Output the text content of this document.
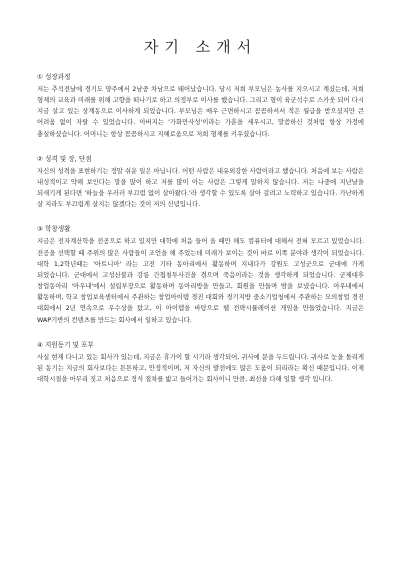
자기 소개서

① 성장과정

저는 추석전날에 경기도 양주에서 2남중 차남으로 태어났습니다. 당시 저희 부모님은 농사를 지으시고 계셨는데, 저희 형제의 교육과 미래를 위해 고향을 떠나기로 하고 의정부로 이사를 했습니다. 그리고 형이 육군석수로 스카웃 되어 다시 지금 살고 있는 상계동으로 이사하게 되었습니다. 부모님은 매우 근면하시고 꼼꼼하셔서 적은 월급을 받으셨지만 큰 어려움 없이 자랄 수 있었습니다. 아버지는 '가화만사성'이라는 가훈을 세우시고, 말씀하신 것처럼 항상 가정에 충실하셨습니다. 어머니는 항상 꼼꼼하시고 지혜로움으로 저희 형제를 키우셨습니다.

② 성격 및 장, 단점

자신의 성격을 표현하기는 정말 쉬운 일은 아닙니다. 어떤 사람은 내유외강한 사람이라고 했습니다. 처음에 보는 사람은 내성적이고 약해 보인다는 말을 많이 하고 저를 많이 아는 사람은 그렇게 말하지 않습니다. 저는 나중에 지난날을 되새기게 된다면 '하늘을 우러러 부끄럼 없이 살아왔다.'라 생각할 수 있도록 살아 갈려고 노력하고 있습니다. 가난하게 살 지라도 부끄럽게 살지는 않겠다는 것이 저의 신념입니다.

③ 학창생활

지금은 전자계산학을 전공으로 하고 있지만 대학에 처음 들어 올 때만 해도 컴퓨터에 대해서 전혀 모르고 있었습니다. 전공을 선택할 때 주위의 많은 사람들이 조언을 해 주었는데 미래가 보이는 것이 바로 이쪽 분야라 생각이 되었습니다. 대학 1,2학년때는 '아트니아' 라는 고전 기타 동아리에서 활동하며 지내다가 강원도 고성군으로 군대에 가게 되었습니다. 군대에서 고성산불과 강릉 간첩침투사건을 겪으며 죽음이라는 것을 생각하게 되었습니다. 군제대후 창업동아리 '아우내'에서 설립부장으로 활동하며 동아리방을 만들고, 회원을 만들며 밤을 보냈습니다. 아우내에서 활동하며, 학교 창업보육센터에서 주관하는 창업아이템 경진 대회와 경기지방 중소기업청에서 주관하는 모의창업 경진 대회에서 2년 연속으로 우수상을 탔고, 이 아이템을 바탕으로 웹 전략시뮬레이션 게임을 만들었습니다. 지금은 WAP기반의 컨텐츠를 만드는 회사에서 일하고 있습니다.

④ 지원동기 및 포부

사실 현재 다니고 있는 회사가 있는데, 지금은 휴가이 할 시기라 생각되어, 귀사에 문을 두드립니다. 귀사로 눈을 돌리게 된 동기는 지금의 회사보다는 튼튼하고, 안정적이며, 저 자신의 발전에도 많은 도움이 되리라는 확신 때문입니다. 이제 대학시절을 마무리 짓고 처음으로 정식 절차를 밟고 들어가는 회사이니 만큼, 최선을 다해 일할 생각 입니다.
